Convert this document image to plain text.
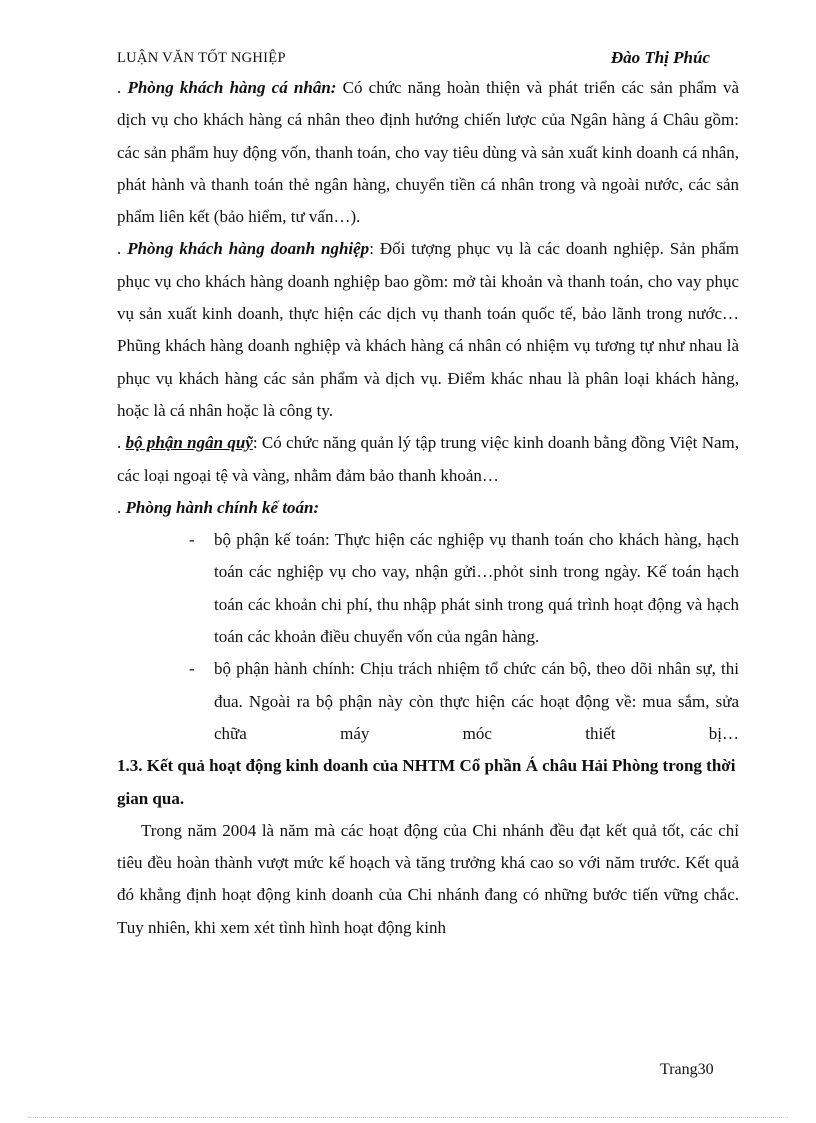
LUẬN VĂN TỐT NGHIỆP	Đào Thị Phúc

. Phòng khách hàng cá nhân: Có chức năng hoàn thiện và phát triển các sản phẩm và dịch vụ cho khách hàng cá nhân theo định hướng chiến lược của Ngân hàng á Châu gồm: các sản phẩm huy động vốn, thanh toán, cho vay tiêu dùng và sản xuất kinh doanh cá nhân, phát hành và thanh toán thẻ ngân hàng, chuyển tiền cá nhân trong và ngoài nước, các sản phẩm liên kết (bảo hiểm, tư vấn…).

. Phòng khách hàng doanh nghiệp: Đối tượng phục vụ là các doanh nghiệp. Sản phẩm phục vụ cho khách hàng doanh nghiệp bao gồm: mở tài khoản và thanh toán, cho vay phục vụ sản xuất kinh doanh, thực hiện các dịch vụ thanh toán quốc tế, bảo lãnh trong nước…Phũng khách hàng doanh nghiệp và khách hàng cá nhân có nhiệm vụ tương tự như nhau là phục vụ khách hàng các sản phẩm và dịch vụ. Điểm khác nhau là phân loại khách hàng, hoặc là cá nhân hoặc là công ty.

. bộ phận ngân quỹ: Có chức năng quản lý tập trung việc kinh doanh bằng đồng Việt Nam, các loại ngoại tệ và vàng, nhằm đảm bảo thanh khoản…

. Phòng hành chính kế toán:

- bộ phận kế toán: Thực hiện các nghiệp vụ thanh toán cho khách hàng, hạch toán các nghiệp vụ cho vay, nhận gửi…phỏt sinh trong ngày. Kế toán hạch toán các khoản chi phí, thu nhập phát sinh trong quá trình hoạt động và hạch toán các khoản điều chuyển vốn của ngân hàng.

- bộ phận hành chính: Chịu trách nhiệm tổ chức cán bộ, theo dõi nhân sự, thi đua. Ngoài ra bộ phận này còn thực hiện các hoạt động về: mua sắm, sửa chữa máy móc thiết bị…

1.3. Kết quả hoạt động kinh doanh của NHTM Cổ phần Á châu Hải Phòng trong thời gian qua.

Trong năm 2004 là năm mà các hoạt động của Chi nhánh đều đạt kết quả tốt, các chỉ tiêu đều hoàn thành vượt mức kế hoạch và tăng trưởng khá cao so với năm trước. Kết quả đó khẳng định hoạt động kinh doanh của Chi nhánh đang có những bước tiến vững chắc. Tuy nhiên, khi xem xét tình hình hoạt động kinh

Trang30
